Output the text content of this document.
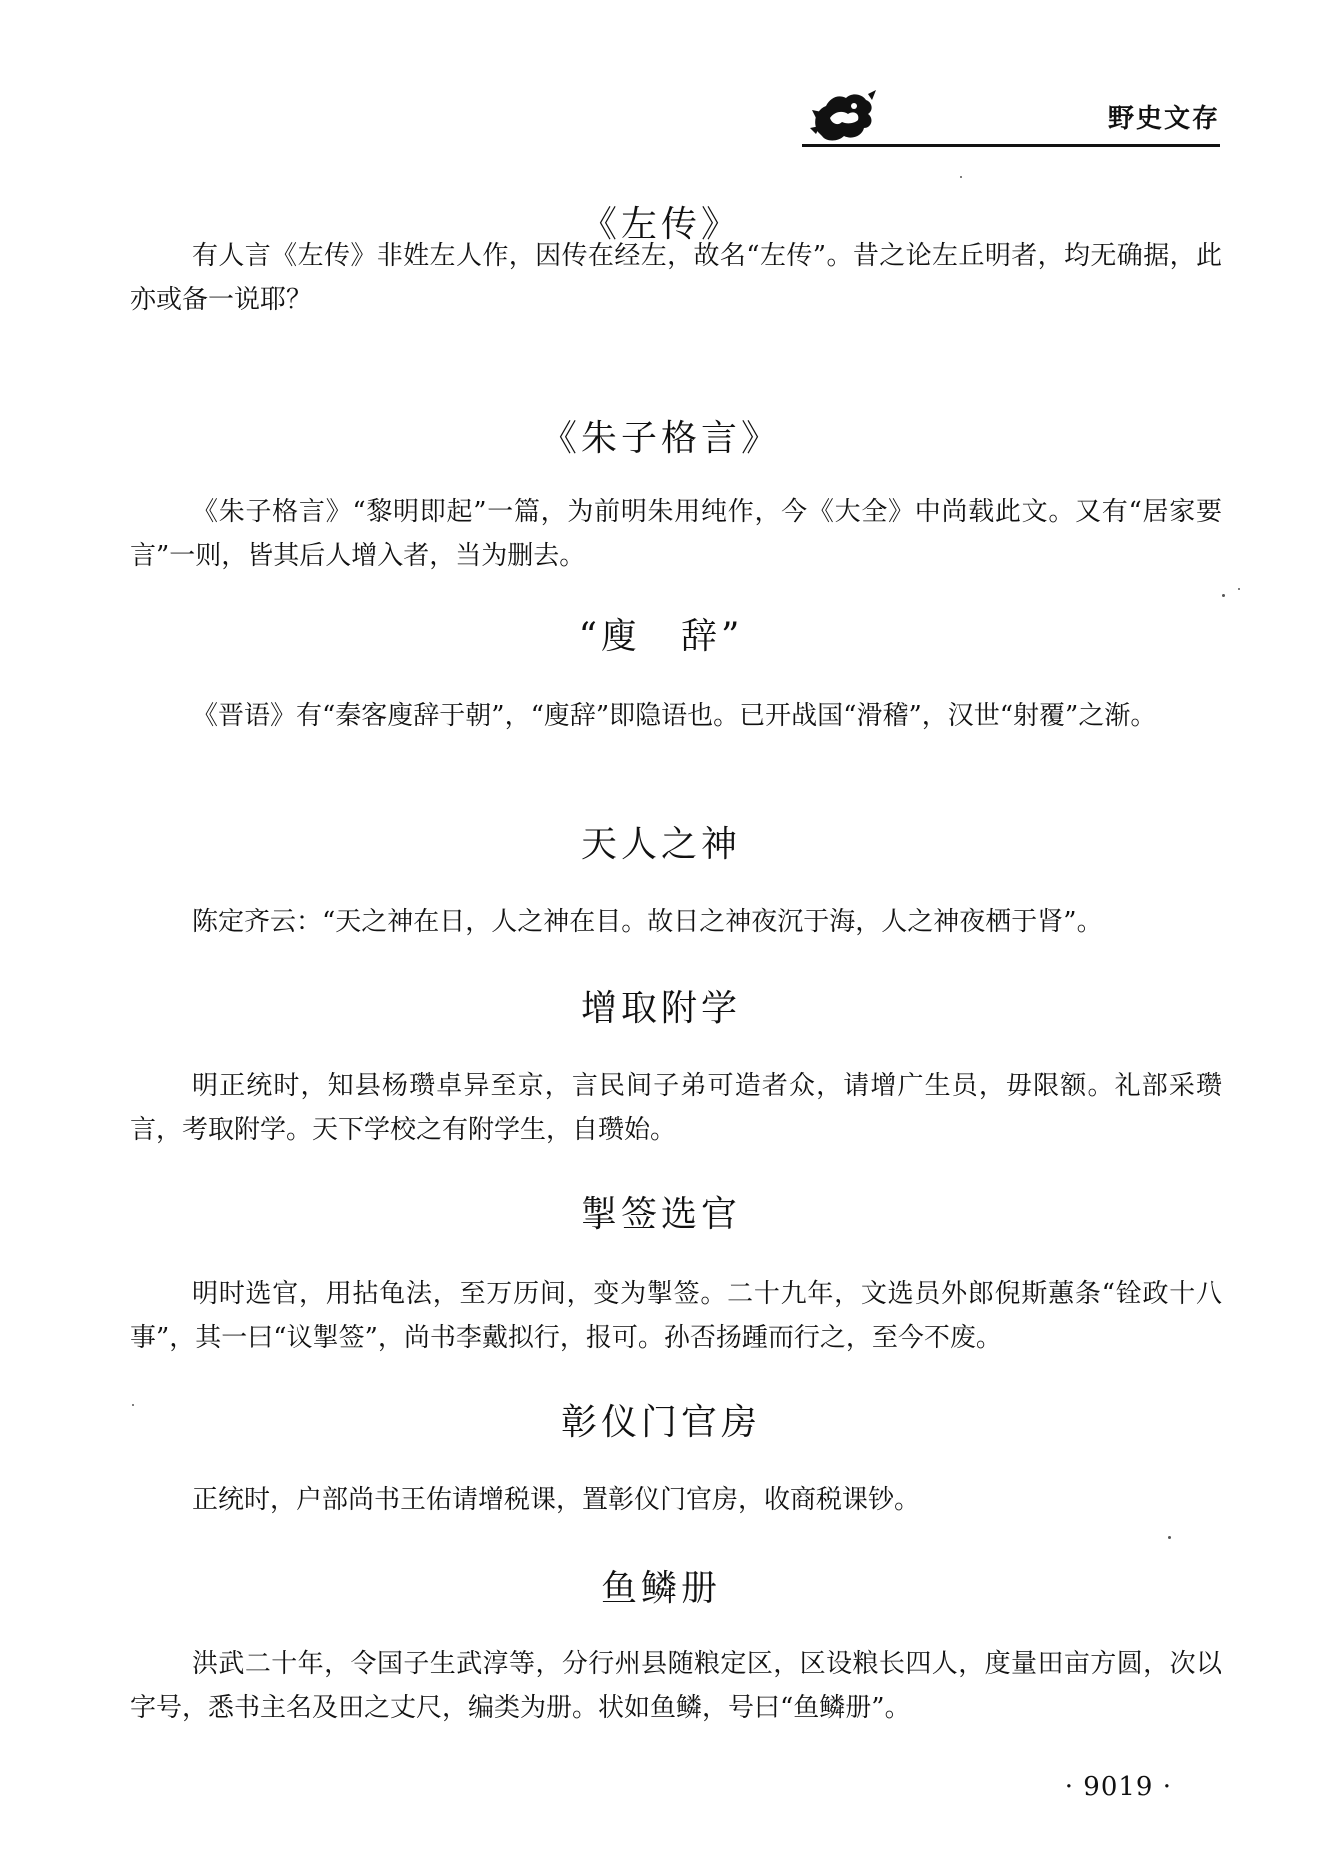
野史文存
《左传》
有人言《左传》非姓左人作，因传在经左，故名“左传”。昔之论左丘明者，均无确据，此亦或备一说耶？
《朱子格言》
《朱子格言》“黎明即起”一篇，为前明朱用纯作，今《大全》中尚载此文。又有“居家要言”一则，皆其后人增入者，当为删去。
“廋　辞”
《晋语》有“秦客廋辞于朝”，“廋辞”即隐语也。已开战国“滑稽”，汉世“射覆”之渐。
天人之神
陈定齐云：“天之神在日，人之神在目。故日之神夜沉于海，人之神夜栖于肾”。
增取附学
明正统时，知县杨瓒卓异至京，言民间子弟可造者众，请增广生员，毋限额。礼部采瓒言，考取附学。天下学校之有附学生，自瓒始。
掣签选官
明时选官，用拈龟法，至万历间，变为掣签。二十九年，文选员外郎倪斯蕙条“铨政十八事”，其一曰“议掣签”，尚书李戴拟行，报可。孙否扬踵而行之，至今不废。
彰仪门官房
正统时，户部尚书王佑请增税课，置彰仪门官房，收商税课钞。
鱼鳞册
洪武二十年，令国子生武淳等，分行州县随粮定区，区设粮长四人，度量田亩方圆，次以字号，悉书主名及田之丈尺，编类为册。状如鱼鳞，号曰“鱼鳞册”。
· 9019 ·
